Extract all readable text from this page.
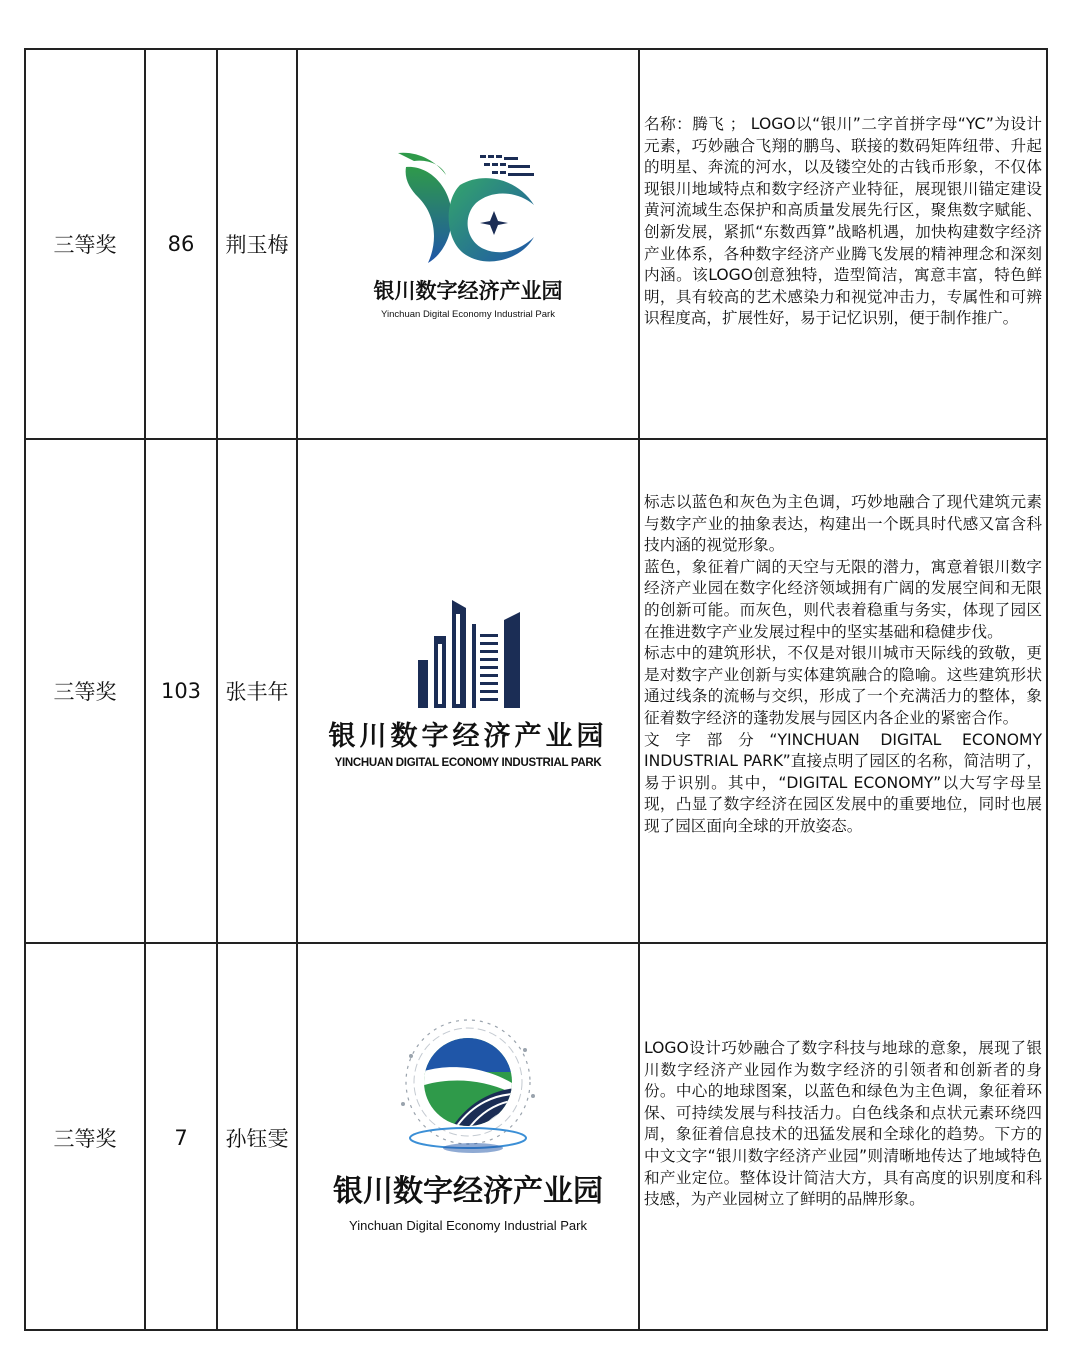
三等奖	86	荆玉梅
银川数字经济产业园
Yinchuan Digital Economy Industrial Park

名称：腾飞 ； LOGO以“银川”二字首拼字母“YC”为设计元素，巧妙融合飞翔的鹏鸟、联接的数码矩阵纽带、升起的明星、奔流的河水，以及镂空处的古钱币形象，不仅体现银川地域特点和数字经济产业特征，展现银川锚定建设黄河流域生态保护和高质量发展先行区，聚焦数字赋能、创新发展，紧抓“东数西算”战略机遇，加快构建数字经济产业体系，各种数字经济产业腾飞发展的精神理念和深刻内涵。该LOGO创意独特，造型简洁，寓意丰富，特色鲜明，具有较高的艺术感染力和视觉冲击力，专属性和可辨识程度高，扩展性好，易于记忆识别，便于制作推广。

三等奖	103	张丰年
银川数字经济产业园
YINCHUAN DIGITAL ECONOMY INDUSTRIAL PARK
标志以蓝色和灰色为主色调，巧妙地融合了现代建筑元素与数字产业的抽象表达，构建出一个既具时代感又富含科技内涵的视觉形象。
蓝色，象征着广阔的天空与无限的潜力，寓意着银川数字经济产业园在数字化经济领域拥有广阔的发展空间和无限的创新可能。而灰色，则代表着稳重与务实，体现了园区在推进数字产业发展过程中的坚实基础和稳健步伐。
标志中的建筑形状，不仅是对银川城市天际线的致敬，更是对数字产业创新与实体建筑融合的隐喻。这些建筑形状通过线条的流畅与交织，形成了一个充满活力的整体，象征着数字经济的蓬勃发展与园区内各企业的紧密合作。
文字部分“YINCHUAN DIGITAL ECONOMY INDUSTRIAL PARK”直接点明了园区的名称，简洁明了，易于识别。其中，“DIGITAL ECONOMY”以大写字母呈现，凸显了数字经济在园区发展中的重要地位，同时也展现了园区面向全球的开放姿态。
三等奖	7	孙钰雯
银川数字经济产业园
Yinchuan Digital Economy Industrial Park

LOGO设计巧妙融合了数字科技与地球的意象，展现了银川数字经济产业园作为数字经济的引领者和创新者的身份。中心的地球图案，以蓝色和绿色为主色调，象征着环保、可持续发展与科技活力。白色线条和点状元素环绕四周，象征着信息技术的迅猛发展和全球化的趋势。下方的中文文字“银川数字经济产业园”则清晰地传达了地域特色和产业定位。整体设计简洁大方，具有高度的识别度和科技感，为产业园树立了鲜明的品牌形象。
